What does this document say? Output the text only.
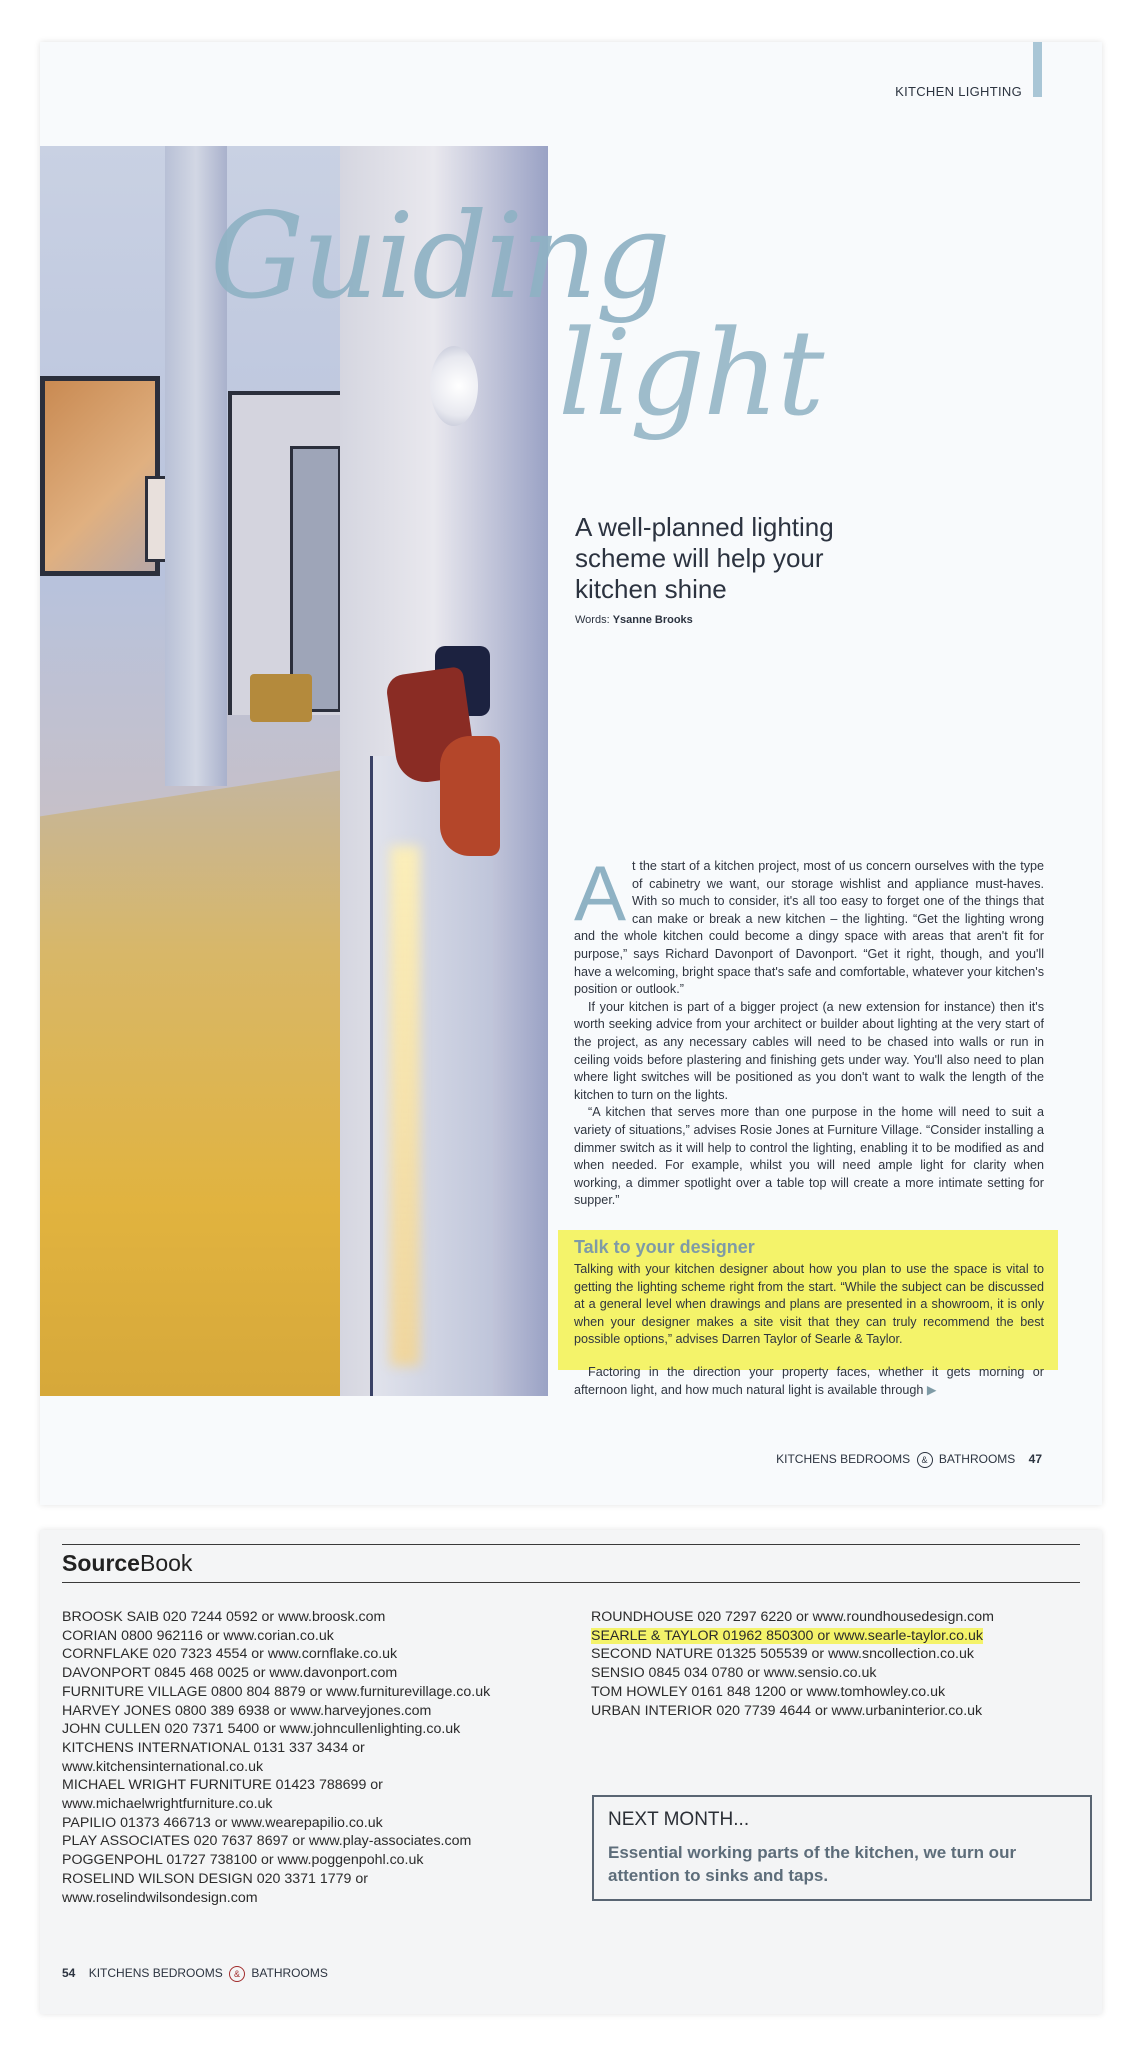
KITCHEN LIGHTING
Guiding
light
A well-planned lighting scheme will help your kitchen shine
Words: Ysanne Brooks

At the start of a kitchen project, most of us concern ourselves with the type of cabinetry we want, our storage wishlist and appliance must-haves. With so much to consider, it's all too easy to forget one of the things that can make or break a new kitchen – the lighting. “Get the lighting wrong and the whole kitchen could become a dingy space with areas that aren't fit for purpose,” says Richard Davonport of Davonport. “Get it right, though, and you'll have a welcoming, bright space that's safe and comfortable, whatever your kitchen's position or outlook.”

If your kitchen is part of a bigger project (a new extension for instance) then it's worth seeking advice from your architect or builder about lighting at the very start of the project, as any necessary cables will need to be chased into walls or run in ceiling voids before plastering and finishing gets under way. You'll also need to plan where light switches will be positioned as you don't want to walk the length of the kitchen to turn on the lights.

“A kitchen that serves more than one purpose in the home will need to suit a variety of situations,” advises Rosie Jones at Furniture Village. “Consider installing a dimmer switch as it will help to control the lighting, enabling it to be modified as and when needed. For example, whilst you will need ample light for clarity when working, a dimmer spotlight over a table top will create a more intimate setting for supper.”

Talk to your designer
Talking with your kitchen designer about how you plan to use the space is vital to getting the lighting scheme right from the start. “While the subject can be discussed at a general level when drawings and plans are presented in a showroom, it is only when your designer makes a site visit that they can truly recommend the best possible options,” advises Darren Taylor of Searle & Taylor.
Factoring in the direction your property faces, whether it gets morning or afternoon light, and how much natural light is available through ▶
KITCHENS BEDROOMS & BATHROOMS 47
SourceBook
BROOSK SAIB 020 7244 0592 or www.broosk.com
CORIAN 0800 962116 or www.corian.co.uk
CORNFLAKE 020 7323 4554 or www.cornflake.co.uk
DAVONPORT 0845 468 0025 or www.davonport.com
FURNITURE VILLAGE 0800 804 8879 or www.furniturevillage.co.uk
HARVEY JONES 0800 389 6938 or www.harveyjones.com
JOHN CULLEN 020 7371 5400 or www.johncullenlighting.co.uk
KITCHENS INTERNATIONAL 0131 337 3434 or
www.kitchensinternational.co.uk
MICHAEL WRIGHT FURNITURE 01423 788699 or
www.michaelwrightfurniture.co.uk
PAPILIO 01373 466713 or www.wearepapilio.co.uk
PLAY ASSOCIATES 020 7637 8697 or www.play-associates.com
POGGENPOHL 01727 738100 or www.poggenpohl.co.uk
ROSELIND WILSON DESIGN 020 3371 1779 or
www.roselindwilsondesign.com
ROUNDHOUSE 020 7297 6220 or www.roundhousedesign.com
SEARLE & TAYLOR 01962 850300 or www.searle-taylor.co.uk
SECOND NATURE 01325 505539 or www.sncollection.co.uk
SENSIO 0845 034 0780 or www.sensio.co.uk
TOM HOWLEY 0161 848 1200 or www.tomhowley.co.uk
URBAN INTERIOR 020 7739 4644 or www.urbaninterior.co.uk
NEXT MONTH...
Essential working parts of the kitchen, we turn our attention to sinks and taps.
54 KITCHENS BEDROOMS & BATHROOMS
